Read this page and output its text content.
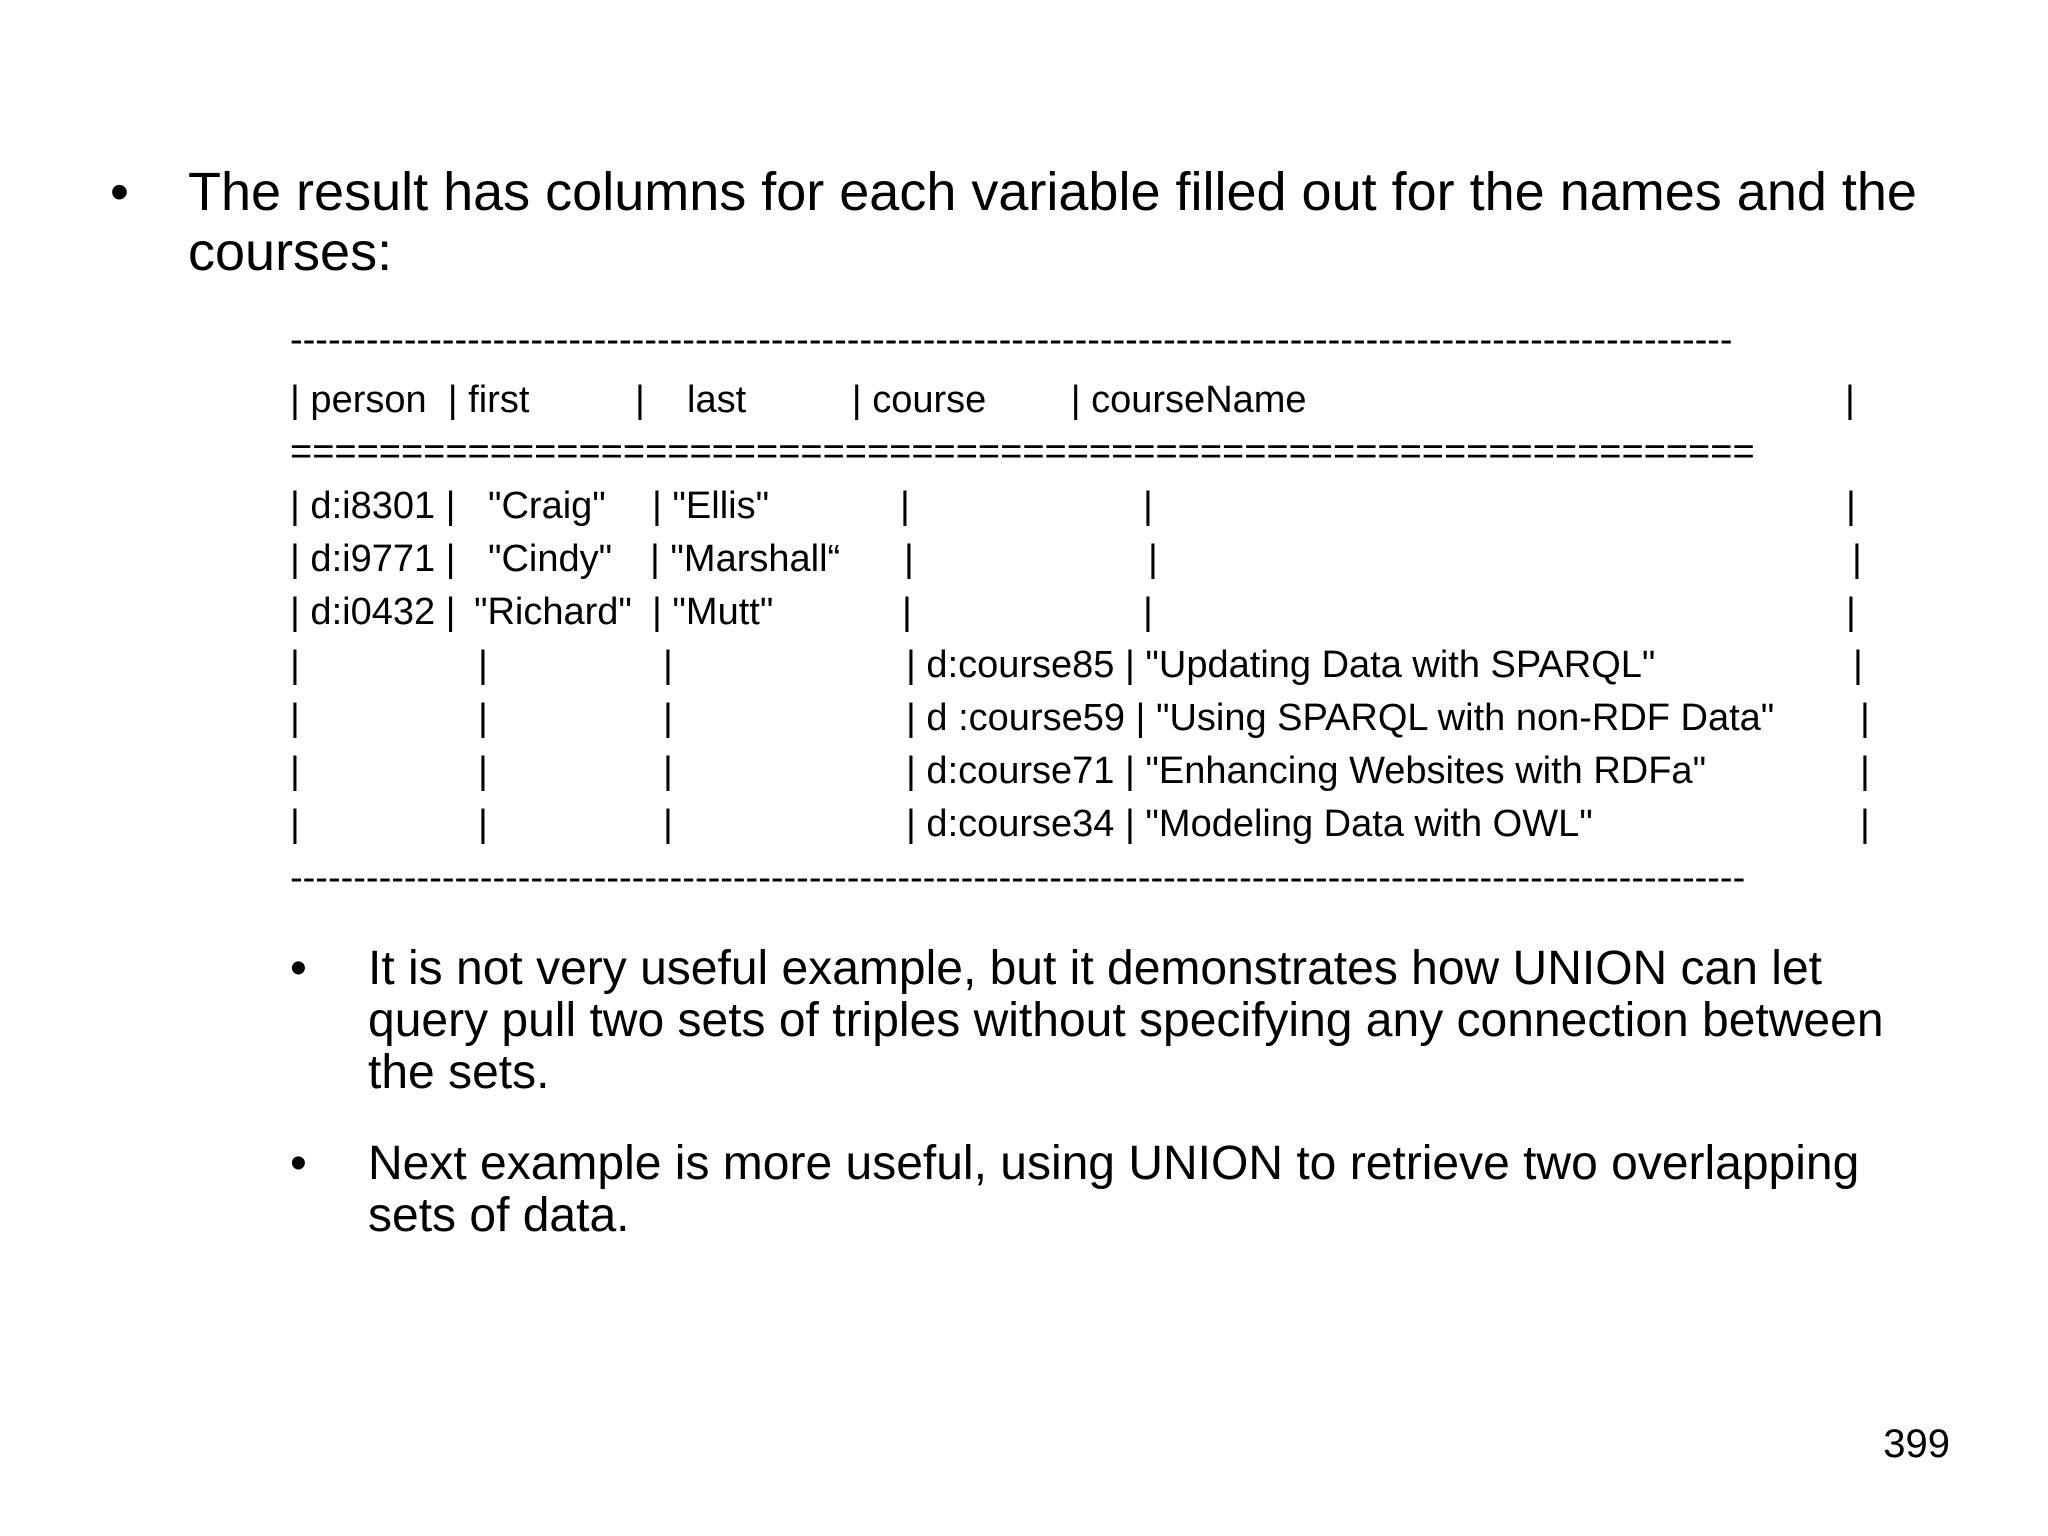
• The result has columns for each variable filled out for the names and the courses:
------------------------------------------------------------------------------------------------------------------
| person  | first          |    last          | course        | courseName                                                   |
==================================================================
| d:i8301 | "Craig" | "Ellis"	|	|	|
| d:i9771 | "Cindy" | "Marshall“ |	|	|
| d:i0432 | "Richard" | "Mutt"	|	|	|
|	|	|	| d:course85 | "Updating Data with SPARQL"	|
|	|	|	| d :course59 | "Using SPARQL with non-RDF Data" |
|	|	|	| d:course71 | "Enhancing Websites with RDFa"	|
|	|	|	| d:course34 | "Modeling Data with OWL"	|
-------------------------------------------------------------------------------------------------------------------
• It is not very useful example, but it demonstrates how UNION can let query pull two sets of triples without specifying any connection between the sets.
• Next example is more useful, using UNION to retrieve two overlapping sets of data.
399
